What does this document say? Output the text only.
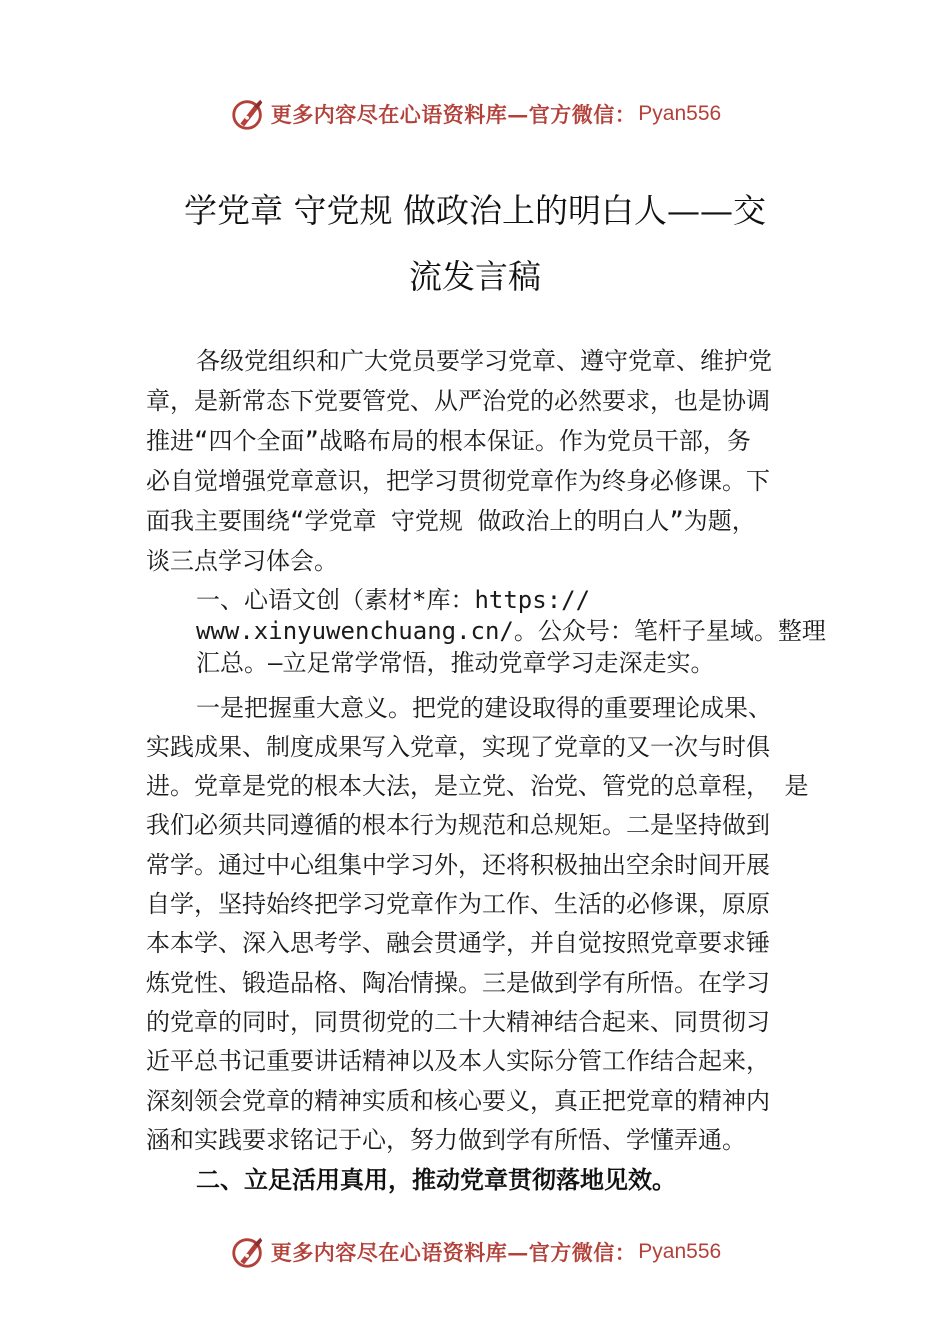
更多内容尽在心语资料库—官方微信： Pyan556
学党章 守党规 做政治上的明白人——交
流发言稿
各级党组织和广大党员要学习党章、遵守党章、维护党
章，是新常态下党要管党、从严治党的必然要求，也是协调
推进“四个全面”战略布局的根本保证。作为党员干部，务
必自觉增强党章意识，把学习贯彻党章作为终身必修课。下
面我主要围绕“学党章 守党规 做政治上的明白人”为题，
谈三点学习体会。
一、心语文创（素材*库：https://
www.xinyuwenchuang.cn/。公众号：笔杆子星域。整理
汇总。—立足常学常悟，推动党章学习走深走实。
一是把握重大意义。把党的建设取得的重要理论成果、
实践成果、制度成果写入党章，实现了党章的又一次与时俱
进。党章是党的根本大法，是立党、治党、管党的总章程， 是
我们必须共同遵循的根本行为规范和总规矩。二是坚持做到
常学。通过中心组集中学习外，还将积极抽出空余时间开展
自学，坚持始终把学习党章作为工作、生活的必修课，原原
本本学、深入思考学、融会贯通学，并自觉按照党章要求锤
炼党性、锻造品格、陶冶情操。三是做到学有所悟。在学习
的党章的同时，同贯彻党的二十大精神结合起来、同贯彻习
近平总书记重要讲话精神以及本人实际分管工作结合起来，
深刻领会党章的精神实质和核心要义，真正把党章的精神内
涵和实践要求铭记于心，努力做到学有所悟、学懂弄通。
二、立足活用真用，推动党章贯彻落地见效。
更多内容尽在心语资料库—官方微信： Pyan556
